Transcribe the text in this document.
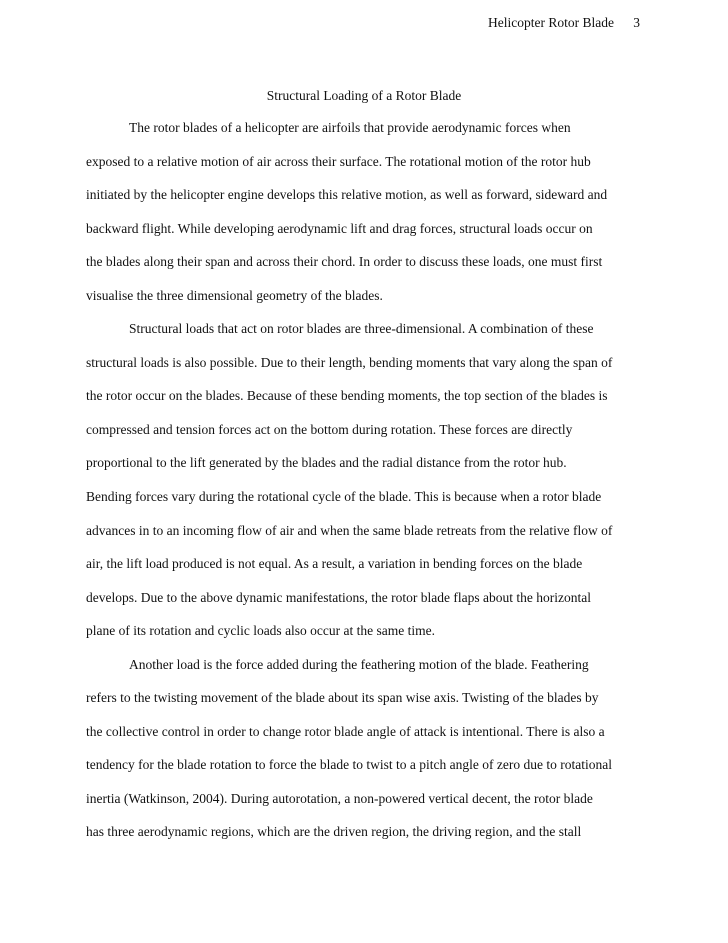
Helicopter Rotor Blade 3
Structural Loading of a Rotor Blade
The rotor blades of a helicopter are airfoils that provide aerodynamic forces when
exposed to a relative motion of air across their surface. The rotational motion of the rotor hub
initiated by the helicopter engine develops this relative motion, as well as forward, sideward and
backward flight. While developing aerodynamic lift and drag forces, structural loads occur on
the blades along their span and across their chord. In order to discuss these loads, one must first
visualise the three dimensional geometry of the blades.
Structural loads that act on rotor blades are three-dimensional. A combination of these
structural loads is also possible. Due to their length, bending moments that vary along the span of
the rotor occur on the blades. Because of these bending moments, the top section of the blades is
compressed and tension forces act on the bottom during rotation. These forces are directly
proportional to the lift generated by the blades and the radial distance from the rotor hub.
Bending forces vary during the rotational cycle of the blade. This is because when a rotor blade
advances in to an incoming flow of air and when the same blade retreats from the relative flow of
air, the lift load produced is not equal. As a result, a variation in bending forces on the blade
develops. Due to the above dynamic manifestations, the rotor blade flaps about the horizontal
plane of its rotation and cyclic loads also occur at the same time.
Another load is the force added during the feathering motion of the blade. Feathering
refers to the twisting movement of the blade about its span wise axis. Twisting of the blades by
the collective control in order to change rotor blade angle of attack is intentional. There is also a
tendency for the blade rotation to force the blade to twist to a pitch angle of zero due to rotational
inertia (Watkinson, 2004). During autorotation, a non-powered vertical decent, the rotor blade
has three aerodynamic regions, which are the driven region, the driving region, and the stall
